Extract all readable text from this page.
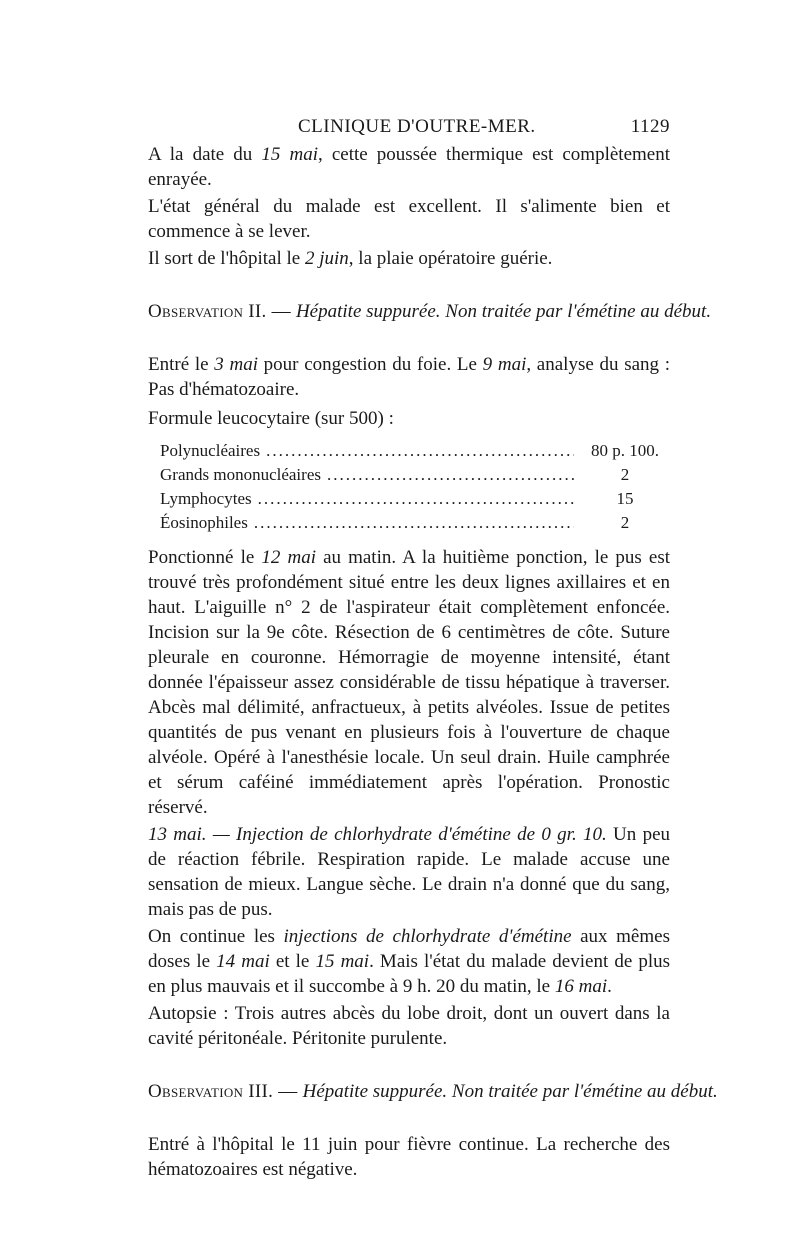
CLINIQUE D'OUTRE-MER.	1129

A la date du 15 mai, cette poussée thermique est complètement enrayée.

L'état général du malade est excellent. Il s'alimente bien et commence à se lever.

Il sort de l'hôpital le 2 juin, la plaie opératoire guérie.

Observation II. — Hépatite suppurée. Non traitée par l'émétine au début.

Entré le 3 mai pour congestion du foie. Le 9 mai, analyse du sang : Pas d'hématozoaire.

Formule leucocytaire (sur 500) :

Polynucléaires .....	80 p. 100.
Grands mononucléaires .....	2
Lymphocytes .....	15
Éosinophiles .....	2

Ponctionné le 12 mai au matin. A la huitième ponction, le pus est trouvé très profondément situé entre les deux lignes axillaires et en haut. L'aiguille n° 2 de l'aspirateur était complètement enfoncée. Incision sur la 9e côte. Résection de 6 centimètres de côte. Suture pleurale en couronne. Hémorragie de moyenne intensité, étant donnée l'épaisseur assez considérable de tissu hépatique à traverser. Abcès mal délimité, anfractueux, à petits alvéoles. Issue de petites quantités de pus venant en plusieurs fois à l'ouverture de chaque alvéole. Opéré à l'anesthésie locale. Un seul drain. Huile camphrée et sérum caféiné immédiatement après l'opération. Pronostic réservé.

13 mai. — Injection de chlorhydrate d'émétine de 0 gr. 10. Un peu de réaction fébrile. Respiration rapide. Le malade accuse une sensation de mieux. Langue sèche. Le drain n'a donné que du sang, mais pas de pus.

On continue les injections de chlorhydrate d'émétine aux mêmes doses le 14 mai et le 15 mai. Mais l'état du malade devient de plus en plus mauvais et il succombe à 9 h. 20 du matin, le 16 mai.

Autopsie : Trois autres abcès du lobe droit, dont un ouvert dans la cavité péritonéale. Péritonite purulente.

Observation III. — Hépatite suppurée. Non traitée par l'émétine au début.

Entré à l'hôpital le 11 juin pour fièvre continue. La recherche des hématozoaires est négative.
